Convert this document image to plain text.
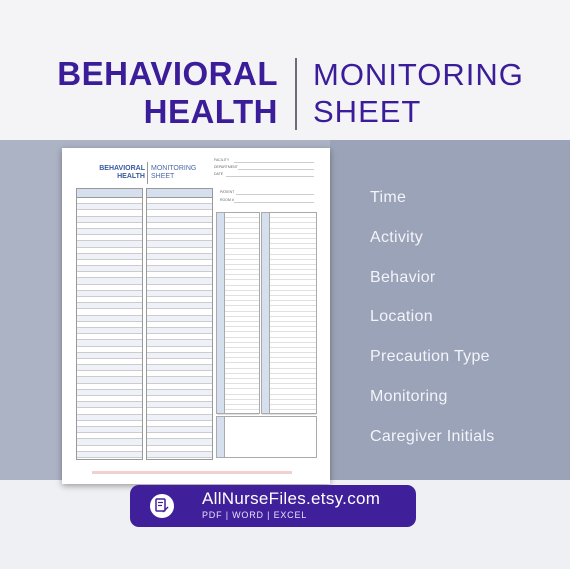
BEHAVIORAL
HEALTH
MONITORING
SHEET
BEHAVIORAL
HEALTH
MONITORING
SHEET
FACILITY
DEPARTMENT
DATE
PATIENT
ROOM #	Time
Activity
Behavior
Location
Precaution Type
Monitoring
Caregiver Initials
AllNurseFiles.etsy.com
PDF | WORD | EXCEL
